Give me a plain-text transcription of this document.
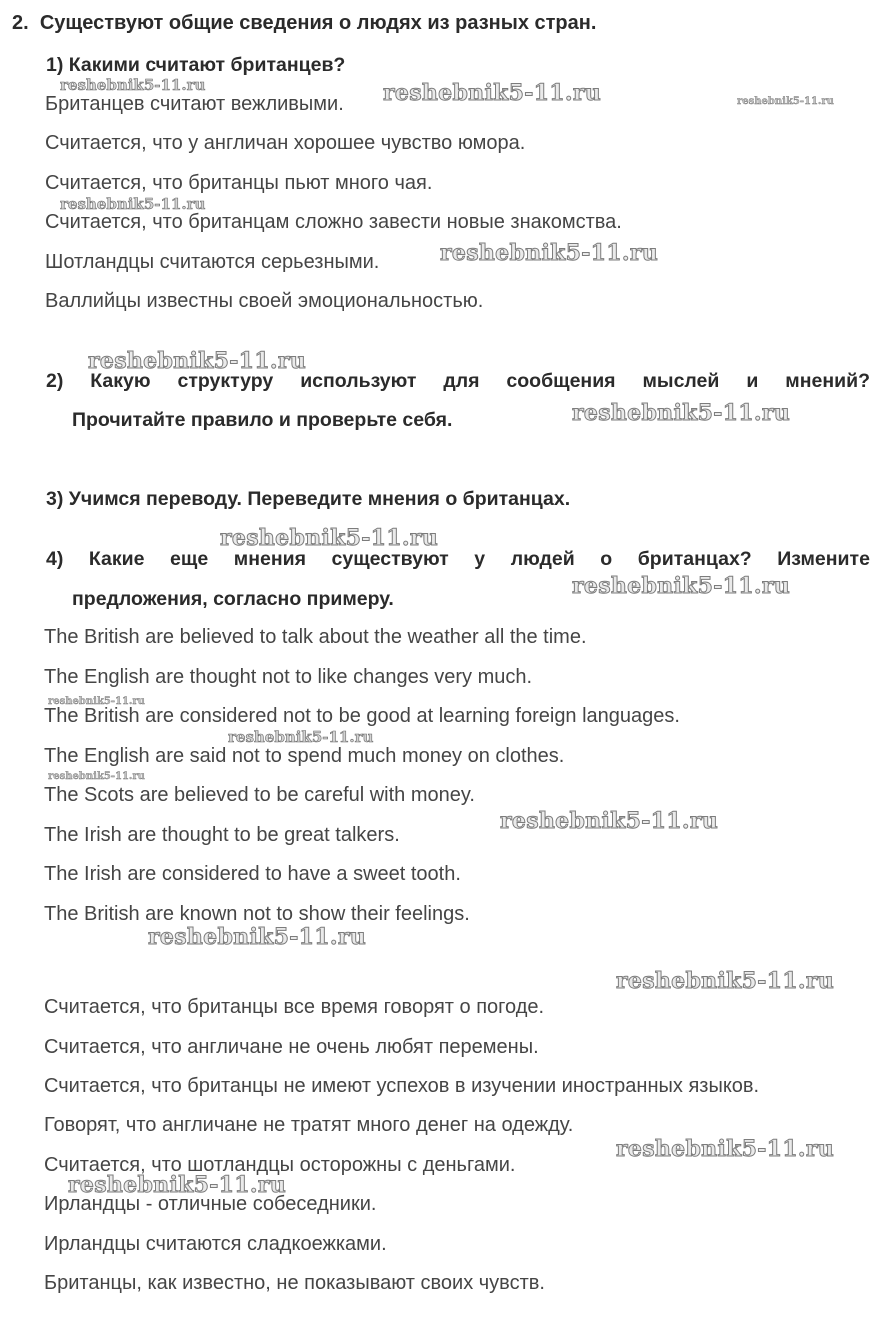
2. Существуют общие сведения о людях из разных стран.
1) Какими считают британцев?
Британцев считают вежливыми.
Считается, что у англичан хорошее чувство юмора.
Считается, что британцы пьют много чая.
Считается, что британцам сложно завести новые знакомства.
Шотландцы считаются серьезными.
Валлийцы известны своей эмоциональностью.
2) Какую структуру используют для сообщения мыслей и мнений?
Прочитайте правило и проверьте себя.
3) Учимся переводу. Переведите мнения о британцах.
4) Какие еще мнения существуют у людей о британцах? Измените
предложения, согласно примеру.
The British are believed to talk about the weather all the time.
The English are thought not to like changes very much.
The British are considered not to be good at learning foreign languages.
The English are said not to spend much money on clothes.
The Scots are believed to be careful with money.
The Irish are thought to be great talkers.
The Irish are considered to have a sweet tooth.
The British are known not to show their feelings.
Считается, что британцы все время говорят о погоде.
Считается, что англичане не очень любят перемены.
Считается, что британцы не имеют успехов в изучении иностранных языков.
Говорят, что англичане не тратят много денег на одежду.
Считается, что шотландцы осторожны с деньгами.
Ирландцы - отличные собеседники.
Ирландцы считаются сладкоежками.
Британцы, как известно, не показывают своих чувств.
reshebnik5-11.ru	reshebnik5-11.ru	reshebnik5-11.ru
reshebnik5-11.ru
reshebnik5-11.ru
reshebnik5-11.ru
reshebnik5-11.ru
reshebnik5-11.ru
reshebnik5-11.ru
reshebnik5-11.ru
reshebnik5-11.ru
reshebnik5-11.ru
reshebnik5-11.ru
reshebnik5-11.ru
reshebnik5-11.ru
reshebnik5-11.ru
reshebnik5-11.ru
